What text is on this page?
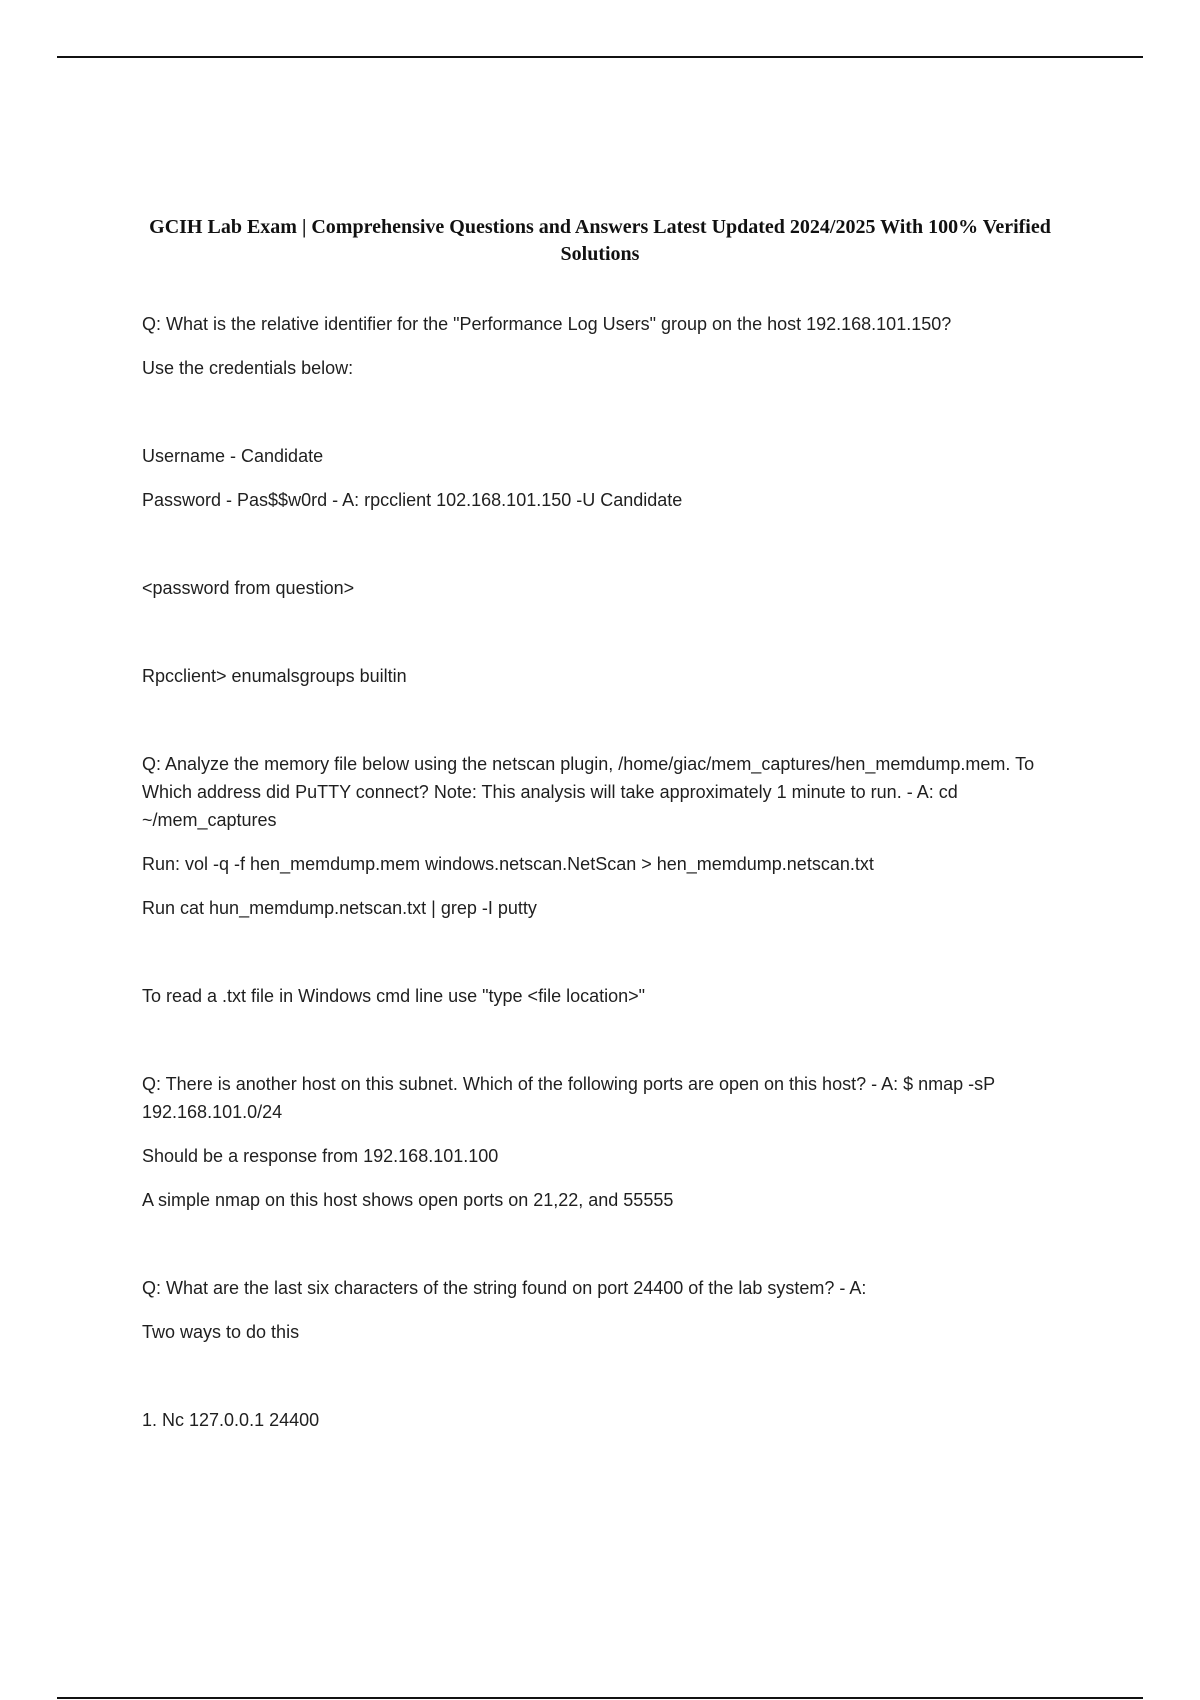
GCIH Lab Exam | Comprehensive Questions and Answers Latest Updated 2024/2025 With 100% Verified Solutions

Q: What is the relative identifier for the "Performance Log Users" group on the host 192.168.101.150?

Use the credentials below:

Username - Candidate

Password - Pas$$w0rd - A: rpcclient 102.168.101.150 -U Candidate

<password from question>

Rpcclient> enumalsgroups builtin

Q: Analyze the memory file below using the netscan plugin, /home/giac/mem_captures/hen_memdump.mem. To Which address did PuTTY connect? Note: This analysis will take approximately 1 minute to run. - A: cd ~/mem_captures

Run: vol -q -f hen_memdump.mem windows.netscan.NetScan > hen_memdump.netscan.txt

Run cat hun_memdump.netscan.txt | grep -I putty

To read a .txt file in Windows cmd line use "type <file location>"

Q: There is another host on this subnet. Which of the following ports are open on this host? - A: $ nmap -sP 192.168.101.0/24

Should be a response from 192.168.101.100

A simple nmap on this host shows open ports on 21,22, and 55555

Q: What are the last six characters of the string found on port 24400 of the lab system? - A:

Two ways to do this

1. Nc 127.0.0.1 24400
